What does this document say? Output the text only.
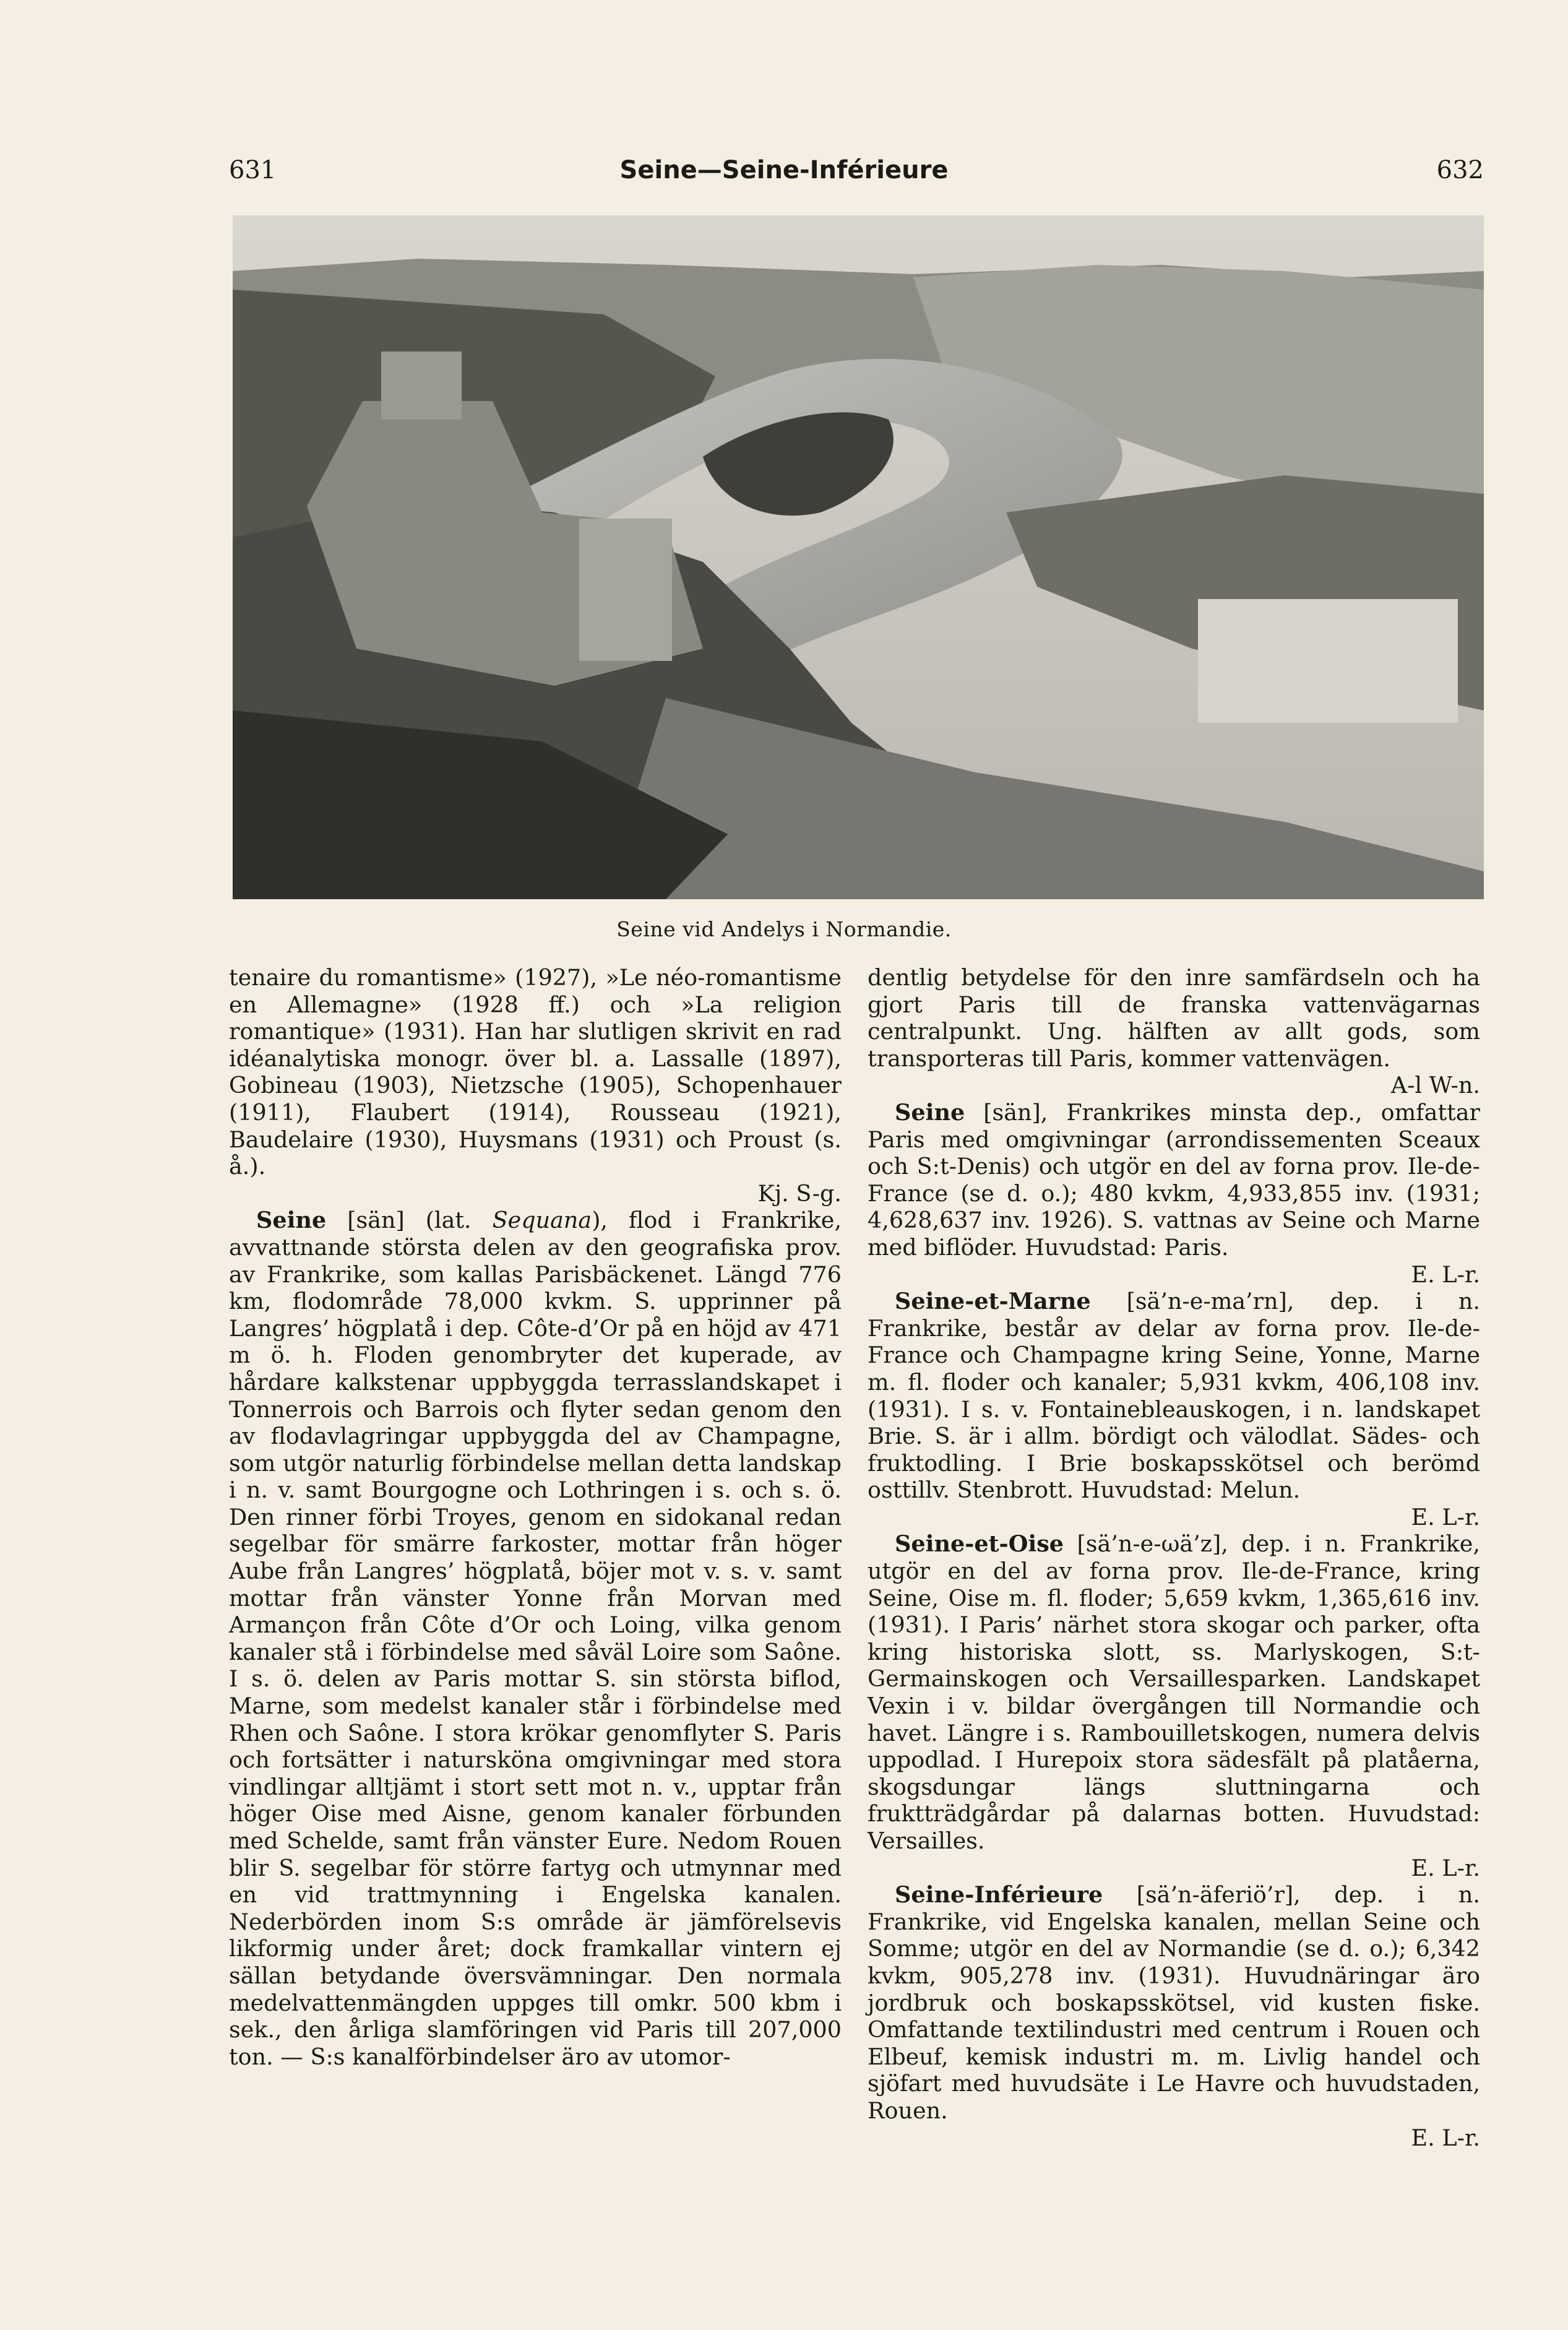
631	Seine—Seine-Inférieure	632
Seine vid Andelys i Normandie.

tenaire du romantisme» (1927), »Le néo-romantisme en Allemagne» (1928 ff.) och »La religion romantique» (1931). Han har slutligen skrivit en rad idéanalytiska monogr. över bl. a. Lassalle (1897), Gobineau (1903), Nietzsche (1905), Schopenhauer (1911), Flaubert (1914), Rousseau (1921), Baudelaire (1930), Huysmans (1931) och Proust (s. å.).
Kj. S-g.

Seine [sän] (lat. Sequana), flod i Frankrike, avvattnande största delen av den geografiska prov. av Frankrike, som kallas Parisbäckenet. Längd 776 km, flodområde 78,000 kvkm. S. upprinner på Langres’ högplatå i dep. Côte-d’Or på en höjd av 471 m ö. h. Floden genombryter det kuperade, av hårdare kalkstenar uppbyggda terrasslandskapet i Tonnerrois och Barrois och flyter sedan genom den av flodavlagringar uppbyggda del av Champagne, som utgör naturlig förbindelse mellan detta landskap i n. v. samt Bourgogne och Lothringen i s. och s. ö. Den rinner förbi Troyes, genom en sidokanal redan segelbar för smärre farkoster, mottar från höger Aube från Langres’ högplatå, böjer mot v. s. v. samt mottar från vänster Yonne från Morvan med Armançon från Côte d’Or och Loing, vilka genom kanaler stå i förbindelse med såväl Loire som Saône. I s. ö. delen av Paris mottar S. sin största biflod, Marne, som medelst kanaler står i förbindelse med Rhen och Saône. I stora krökar genomflyter S. Paris och fortsätter i natursköna omgivningar med stora vindlingar alltjämt i stort sett mot n. v., upptar från höger Oise med Aisne, genom kanaler förbunden med Schelde, samt från vänster Eure. Nedom Rouen blir S. segelbar för större fartyg och utmynnar med en vid trattmynning i Engelska kanalen. Nederbörden inom S:s område är jämförelsevis likformig under året; dock framkallar vintern ej sällan betydande översvämningar. Den normala medelvattenmängden uppges till omkr. 500 kbm i sek., den årliga slamföringen vid Paris till 207,000 ton. — S:s kanalförbindelser äro av utomor-

dentlig betydelse för den inre samfärdseln och ha gjort Paris till de franska vattenvägarnas centralpunkt. Ung. hälften av allt gods, som transporteras till Paris, kommer vattenvägen.
A-l W-n.

Seine [sän], Frankrikes minsta dep., omfattar Paris med omgivningar (arrondissementen Sceaux och S:t-Denis) och utgör en del av forna prov. Ile-de-France (se d. o.); 480 kvkm, 4,933,855 inv. (1931; 4,628,637 inv. 1926). S. vattnas av Seine och Marne med biflöder. Huvudstad: Paris.
E. L-r.

Seine-et-Marne [sä’n-e-ma’rn], dep. i n. Frankrike, består av delar av forna prov. Ile-de-France och Champagne kring Seine, Yonne, Marne m. fl. floder och kanaler; 5,931 kvkm, 406,108 inv. (1931). I s. v. Fontainebleauskogen, i n. landskapet Brie. S. är i allm. bördigt och välodlat. Sädes- och fruktodling. I Brie boskapsskötsel och berömd osttillv. Stenbrott. Huvudstad: Melun.
E. L-r.

Seine-et-Oise [sä’n-e-ωä’z], dep. i n. Frankrike, utgör en del av forna prov. Ile-de-France, kring Seine, Oise m. fl. floder; 5,659 kvkm, 1,365,616 inv. (1931). I Paris’ närhet stora skogar och parker, ofta kring historiska slott, ss. Marlyskogen, S:t-Germainskogen och Versaillesparken. Landskapet Vexin i v. bildar övergången till Normandie och havet. Längre i s. Rambouilletskogen, numera delvis uppodlad. I Hurepoix stora sädesfält på platåerna, skogsdungar längs sluttningarna och fruktträdgårdar på dalarnas botten. Huvudstad: Versailles.
E. L-r.

Seine-Inférieure [sä’n-äferiö’r], dep. i n. Frankrike, vid Engelska kanalen, mellan Seine och Somme; utgör en del av Normandie (se d. o.); 6,342 kvkm, 905,278 inv. (1931). Huvudnäringar äro jordbruk och boskapsskötsel, vid kusten fiske. Omfattande textilindustri med centrum i Rouen och Elbeuf, kemisk industri m. m. Livlig handel och sjöfart med huvudsäte i Le Havre och huvudstaden, Rouen.
E. L-r.
